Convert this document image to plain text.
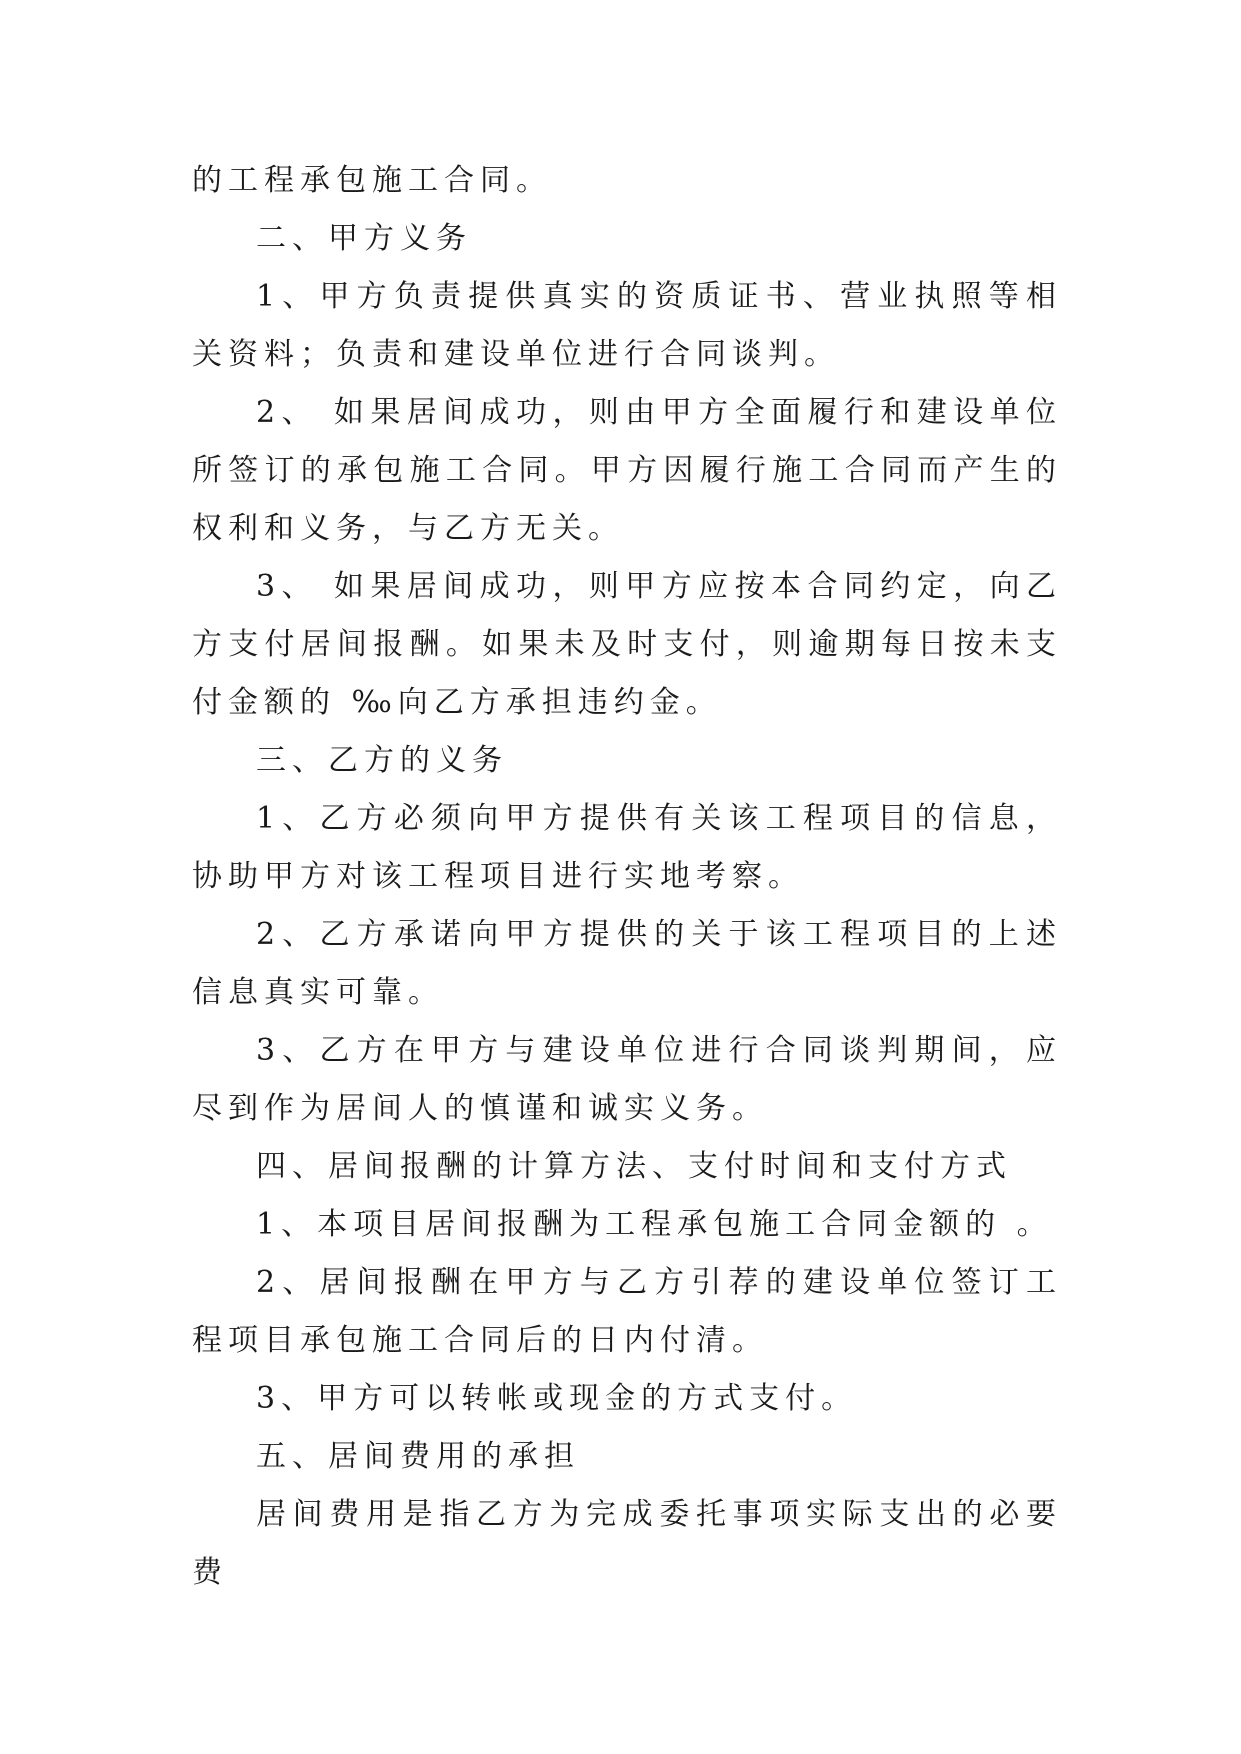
的工程承包施工合同。

二、甲方义务

1、甲方负责提供真实的资质证书、营业执照等相关资料；负责和建设单位进行合同谈判。

2、 如果居间成功，则由甲方全面履行和建设单位所签订的承包施工合同。甲方因履行施工合同而产生的权利和义务，与乙方无关。

3、 如果居间成功，则甲方应按本合同约定，向乙方支付居间报酬。如果未及时支付，则逾期每日按未支付金额的 ‰向乙方承担违约金。

三、乙方的义务

1、乙方必须向甲方提供有关该工程项目的信息，协助甲方对该工程项目进行实地考察。

2、乙方承诺向甲方提供的关于该工程项目的上述信息真实可靠。

3、乙方在甲方与建设单位进行合同谈判期间，应尽到作为居间人的慎谨和诚实义务。

四、居间报酬的计算方法、支付时间和支付方式

1、本项目居间报酬为工程承包施工合同金额的 。

2、居间报酬在甲方与乙方引荐的建设单位签订工程项目承包施工合同后的日内付清。

3、甲方可以转帐或现金的方式支付。

五、居间费用的承担

居间费用是指乙方为完成委托事项实际支出的必要费
